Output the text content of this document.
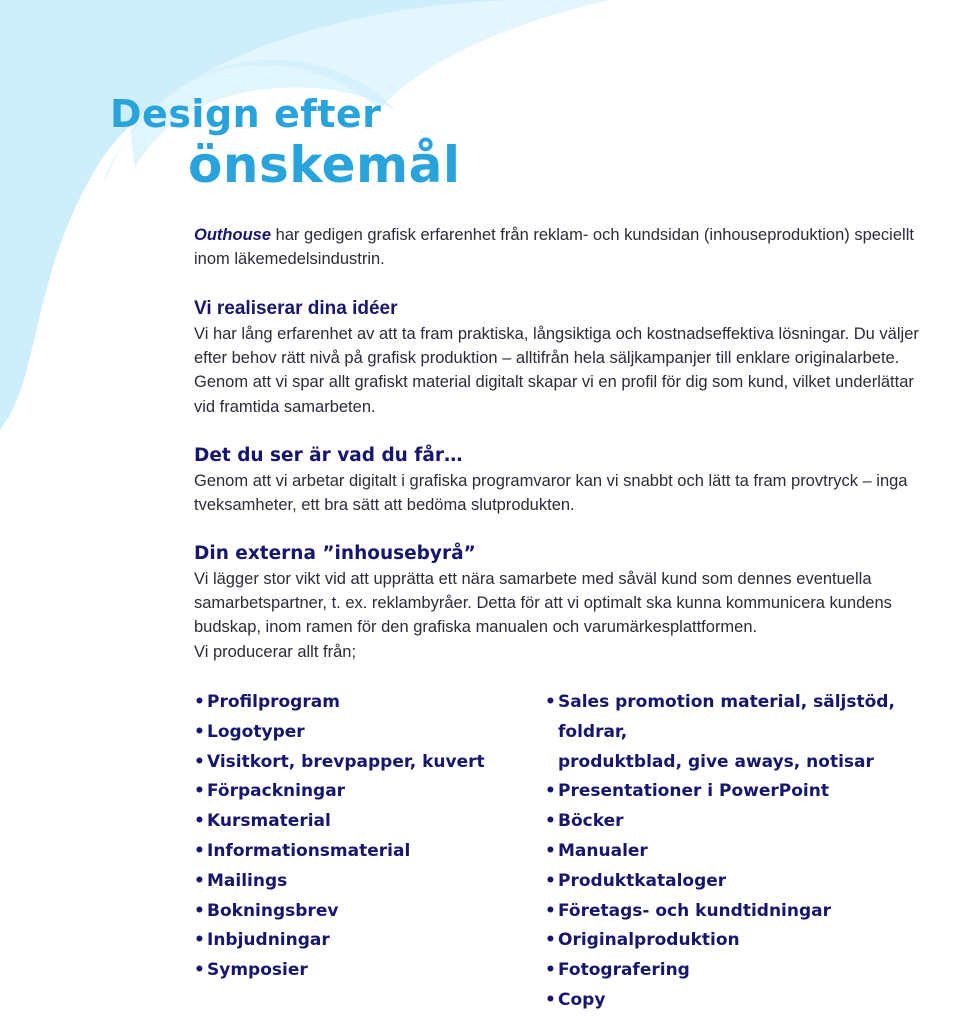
Design efter
önskemål
Outhouse har gedigen grafisk erfarenhet från reklam- och kundsidan (inhouseproduktion) speciellt inom läkemedelsindustrin.
Vi realiserar dina idéer
Vi har lång erfarenhet av att ta fram praktiska, långsiktiga och kostnadseffektiva lösningar. Du väljer efter behov rätt nivå på grafisk produktion – alltifrån hela säljkampanjer till enklare originalarbete. Genom att vi spar allt grafiskt material digitalt skapar vi en profil för dig som kund, vilket underlättar vid framtida samarbeten.
Det du ser är vad du får…
Genom att vi arbetar digitalt i grafiska programvaror kan vi snabbt och lätt ta fram provtryck – inga tveksamheter, ett bra sätt att bedöma slutprodukten.
Din externa ”inhousebyrå”
Vi lägger stor vikt vid att upprätta ett nära samarbete med såväl kund som dennes eventuella samarbetspartner, t. ex. reklambyråer. Detta för att vi optimalt ska kunna kommunicera kundens budskap, inom ramen för den grafiska manualen och varumärkesplattformen.
Vi producerar allt från;
• Profilprogram
• Logotyper
• Visitkort, brevpapper, kuvert
• Förpackningar
• Kursmaterial
• Informationsmaterial
• Mailings
• Bokningsbrev
• Inbjudningar
• Symposier
• Sales promotion material, säljstöd, foldrar,
produktblad, give aways, notisar
• Presentationer i PowerPoint
• Böcker
• Manualer
• Produktkataloger
• Företags- och kundtidningar
• Originalproduktion
• Fotografering
• Copy
